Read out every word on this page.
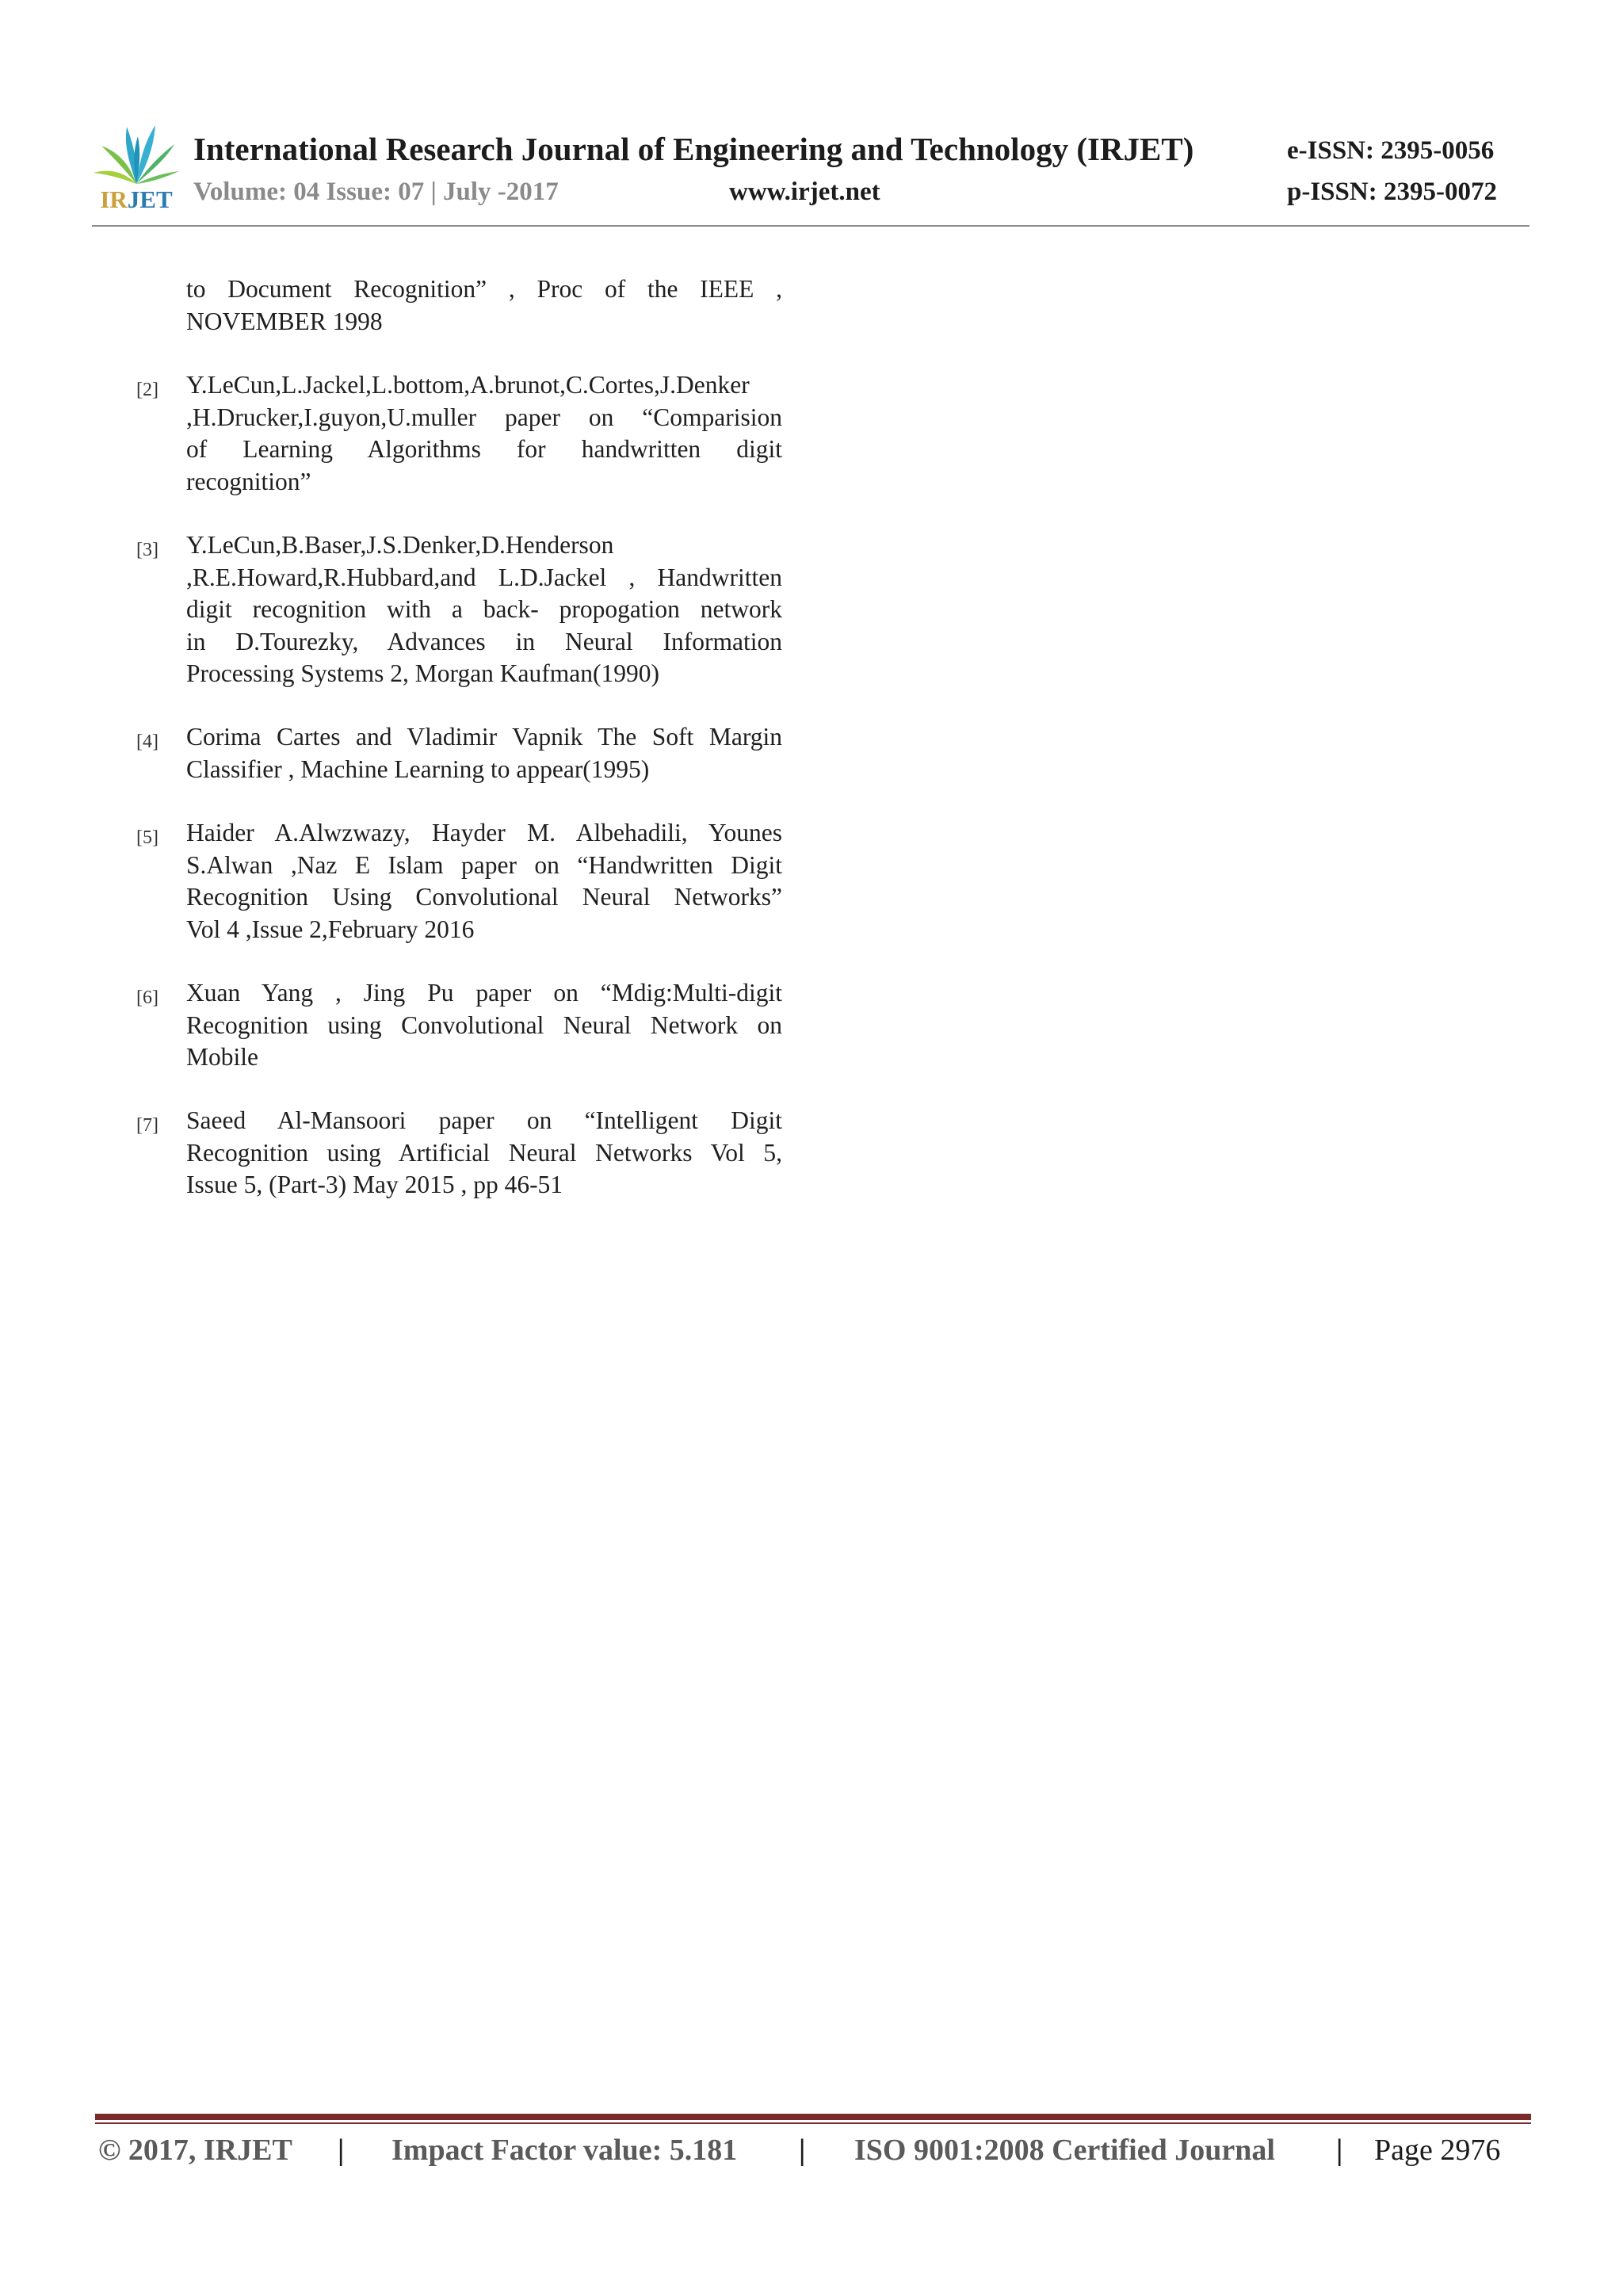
IRJET
International Research Journal of Engineering and Technology (IRJET)
Volume: 04 Issue: 07 | July -2017	www.irjet.net
e-ISSN: 2395-0056
p-ISSN: 2395-0072
to Document Recognition” , Proc of the IEEE ,
NOVEMBER 1998
[2] Y.LeCun,L.Jackel,L.bottom,A.brunot,C.Cortes,J.Denker
,H.Drucker,I.guyon,U.muller paper on “Comparision
of Learning Algorithms for handwritten digit
recognition”
[3] Y.LeCun,B.Baser,J.S.Denker,D.Henderson
,R.E.Howard,R.Hubbard,and L.D.Jackel , Handwritten
digit recognition with a back- propogation network
in D.Tourezky, Advances in Neural Information
Processing Systems 2, Morgan Kaufman(1990)
[4] Corima Cartes and Vladimir Vapnik The Soft Margin
Classifier , Machine Learning to appear(1995)
[5] Haider A.Alwzwazy, Hayder M. Albehadili, Younes
S.Alwan ,Naz E Islam paper on “Handwritten Digit
Recognition Using Convolutional Neural Networks”
Vol 4 ,Issue 2,February 2016
[6] Xuan Yang , Jing Pu paper on “Mdig:Multi-digit
Recognition using Convolutional Neural Network on
Mobile
[7] Saeed Al-Mansoori paper on “Intelligent Digit
Recognition using Artificial Neural Networks Vol 5,
Issue 5, (Part-3) May 2015 , pp 46-51
© 2017, IRJET | Impact Factor value: 5.181 | ISO 9001:2008 Certified Journal | Page 2976
